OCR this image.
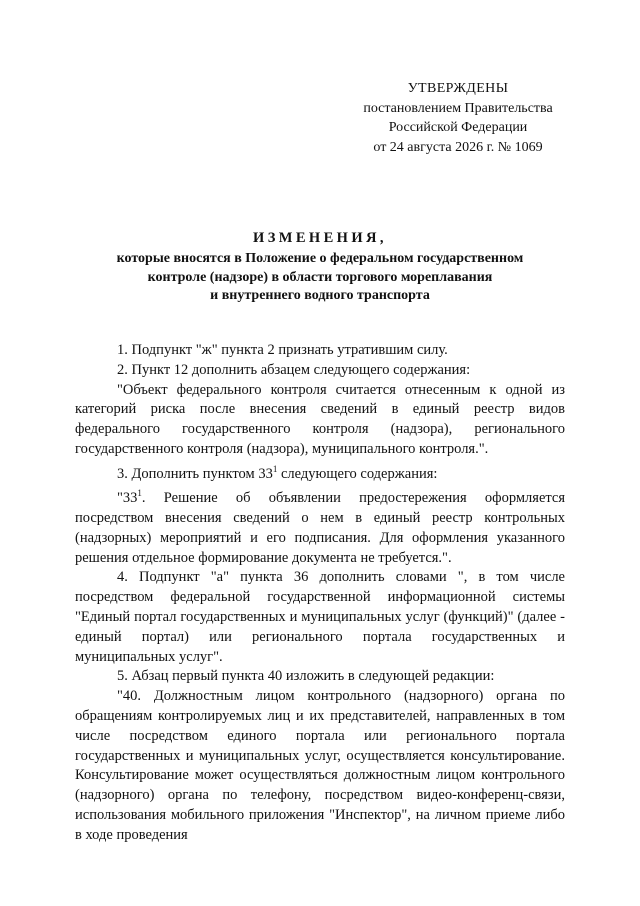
УТВЕРЖДЕНЫ
постановлением Правительства
Российской Федерации
от 24 августа 2026 г. № 1069
ИЗМЕНЕНИЯ,
которые вносятся в Положение о федеральном государственном
контроле (надзоре) в области торгового мореплавания
и внутреннего водного транспорта

1. Подпункт "ж" пункта 2 признать утратившим силу.

2. Пункт 12 дополнить абзацем следующего содержания:

"Объект федерального контроля считается отнесенным к одной из категорий риска после внесения сведений в единый реестр видов федерального государственного контроля (надзора), регионального государственного контроля (надзора), муниципального контроля.".

3. Дополнить пунктом $33^1$ следующего содержания:

"$33^1$. Решение об объявлении предостережения оформляется посредством внесения сведений о нем в единый реестр контрольных (надзорных) мероприятий и его подписания. Для оформления указанного решения отдельное формирование документа не требуется.".

4. Подпункт "а" пункта 36 дополнить словами ", в том числе посредством федеральной государственной информационной системы "Единый портал государственных и муниципальных услуг (функций)" (далее - единый портал) или регионального портала государственных и муниципальных услуг".

5. Абзац первый пункта 40 изложить в следующей редакции:

"40. Должностным лицом контрольного (надзорного) органа по обращениям контролируемых лиц и их представителей, направленных в том числе посредством единого портала или регионального портала государственных и муниципальных услуг, осуществляется консультирование. Консультирование может осуществляться должностным лицом контрольного (надзорного) органа по телефону, посредством видео-конференц-связи, использования мобильного приложения "Инспектор", на личном приеме либо в ходе проведения
